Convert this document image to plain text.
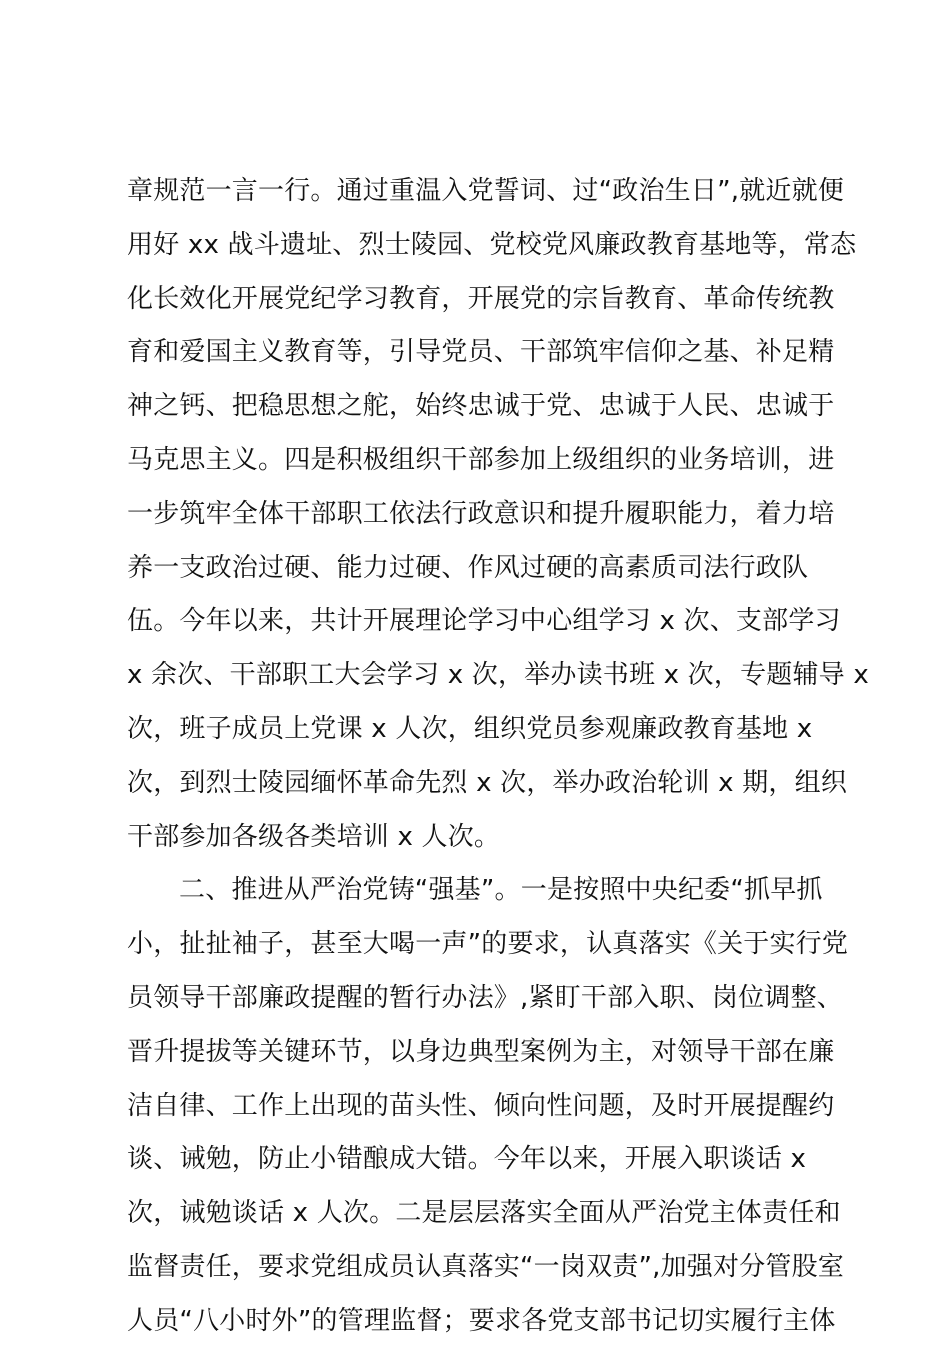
章规范一言一行。通过重温入党誓词、过“政治生日”,就近就便
用好 xx 战斗遗址、烈士陵园、党校党风廉政教育基地等，常态
化长效化开展党纪学习教育，开展党的宗旨教育、革命传统教
育和爱国主义教育等，引导党员、干部筑牢信仰之基、补足精
神之钙、把稳思想之舵，始终忠诚于党、忠诚于人民、忠诚于
马克思主义。四是积极组织干部参加上级组织的业务培训，进
一步筑牢全体干部职工依法行政意识和提升履职能力，着力培
养一支政治过硬、能力过硬、作风过硬的高素质司法行政队
伍。今年以来，共计开展理论学习中心组学习 x 次、支部学习
x 余次、干部职工大会学习 x 次，举办读书班 x 次，专题辅导 x
次，班子成员上党课 x 人次，组织党员参观廉政教育基地 x
次，到烈士陵园缅怀革命先烈 x 次，举办政治轮训 x 期，组织
干部参加各级各类培训 x 人次。
二、推进从严治党铸“强基”。一是按照中央纪委“抓早抓
小，扯扯袖子，甚至大喝一声”的要求，认真落实《关于实行党
员领导干部廉政提醒的暂行办法》,紧盯干部入职、岗位调整、
晋升提拔等关键环节，以身边典型案例为主，对领导干部在廉
洁自律、工作上出现的苗头性、倾向性问题，及时开展提醒约
谈、诫勉，防止小错酿成大错。今年以来，开展入职谈话 x
次，诫勉谈话 x 人次。二是层层落实全面从严治党主体责任和
监督责任，要求党组成员认真落实“一岗双责”,加强对分管股室
人员“八小时外”的管理监督；要求各党支部书记切实履行主体
